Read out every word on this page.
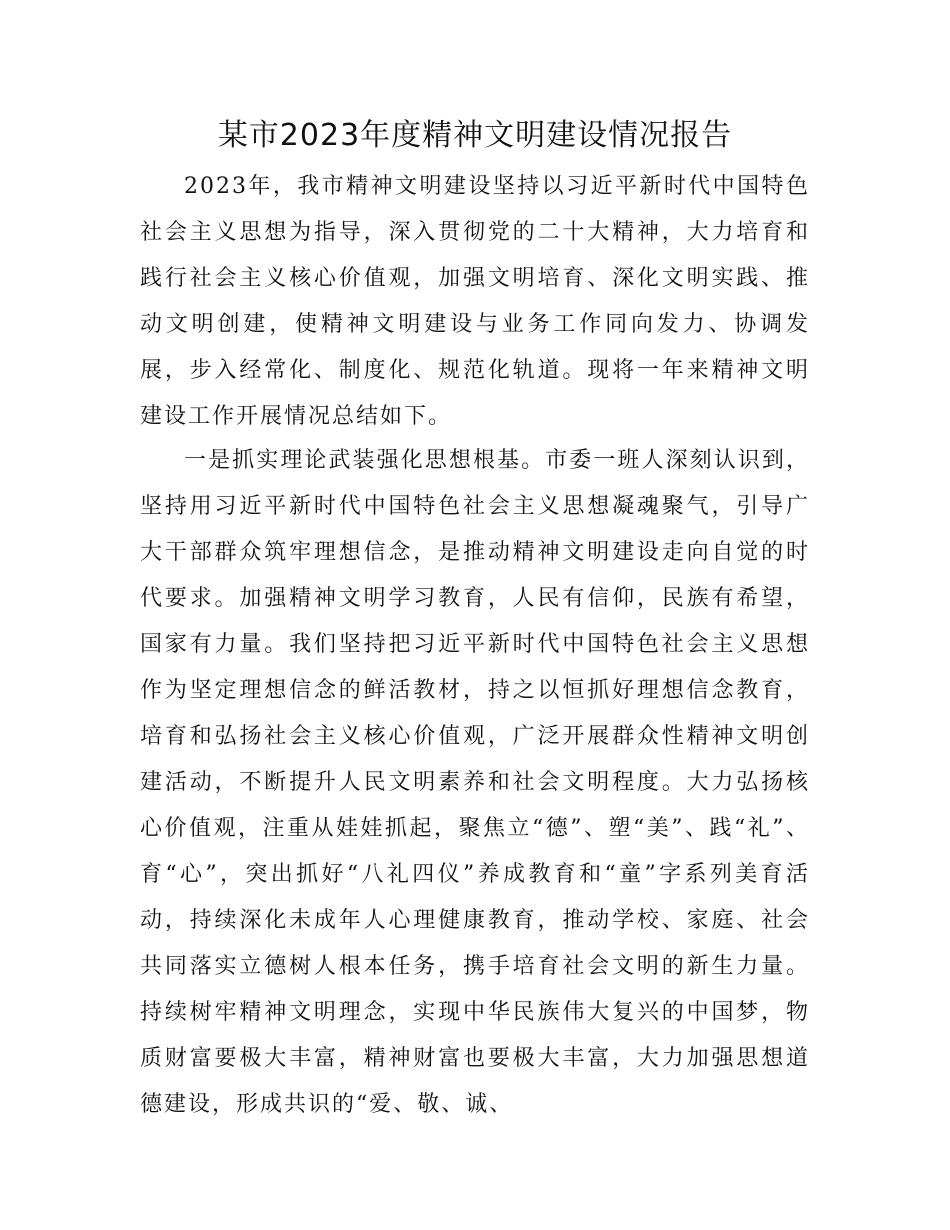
某市2023年度精神文明建设情况报告

2023年，我市精神文明建设坚持以习近平新时代中国特色社会主义思想为指导，深入贯彻党的二十大精神，大力培育和践行社会主义核心价值观，加强文明培育、深化文明实践、推动文明创建，使精神文明建设与业务工作同向发力、协调发展，步入经常化、制度化、规范化轨道。现将一年来精神文明建设工作开展情况总结如下。

一是抓实理论武装强化思想根基。市委一班人深刻认识到，坚持用习近平新时代中国特色社会主义思想凝魂聚气，引导广大干部群众筑牢理想信念，是推动精神文明建设走向自觉的时代要求。加强精神文明学习教育，人民有信仰，民族有希望，国家有力量。我们坚持把习近平新时代中国特色社会主义思想作为坚定理想信念的鲜活教材，持之以恒抓好理想信念教育，培育和弘扬社会主义核心价值观，广泛开展群众性精神文明创建活动，不断提升人民文明素养和社会文明程度。大力弘扬核心价值观，注重从娃娃抓起，聚焦立“德”、塑“美”、践“礼”、育“心”，突出抓好“八礼四仪”养成教育和“童”字系列美育活动，持续深化未成年人心理健康教育，推动学校、家庭、社会共同落实立德树人根本任务，携手培育社会文明的新生力量。持续树牢精神文明理念，实现中华民族伟大复兴的中国梦，物质财富要极大丰富，精神财富也要极大丰富，大力加强思想道德建设，形成共识的“爱、敬、诚、
